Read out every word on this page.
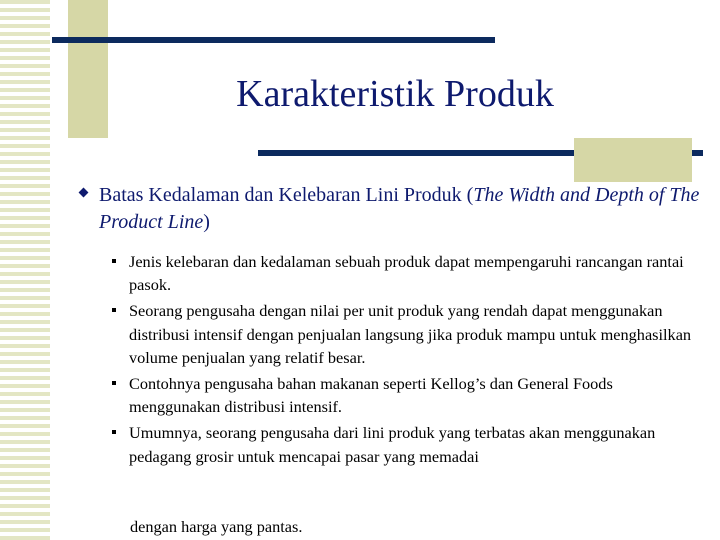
Karakteristik Produk
Batas Kedalaman dan Kelebaran Lini Produk (The Width and Depth of The Product Line)
Jenis kelebaran dan kedalaman sebuah produk dapat mempengaruhi rancangan rantai pasok.
Seorang pengusaha dengan nilai per unit produk yang rendah dapat menggunakan distribusi intensif dengan penjualan langsung jika produk mampu untuk menghasilkan volume penjualan yang relatif besar.
Contohnya pengusaha bahan makanan seperti Kellog’s dan General Foods menggunakan distribusi intensif.
Umumnya, seorang pengusaha dari lini produk yang terbatas akan menggunakan pedagang grosir untuk mencapai pasar yang memadai
dengan harga yang pantas.
